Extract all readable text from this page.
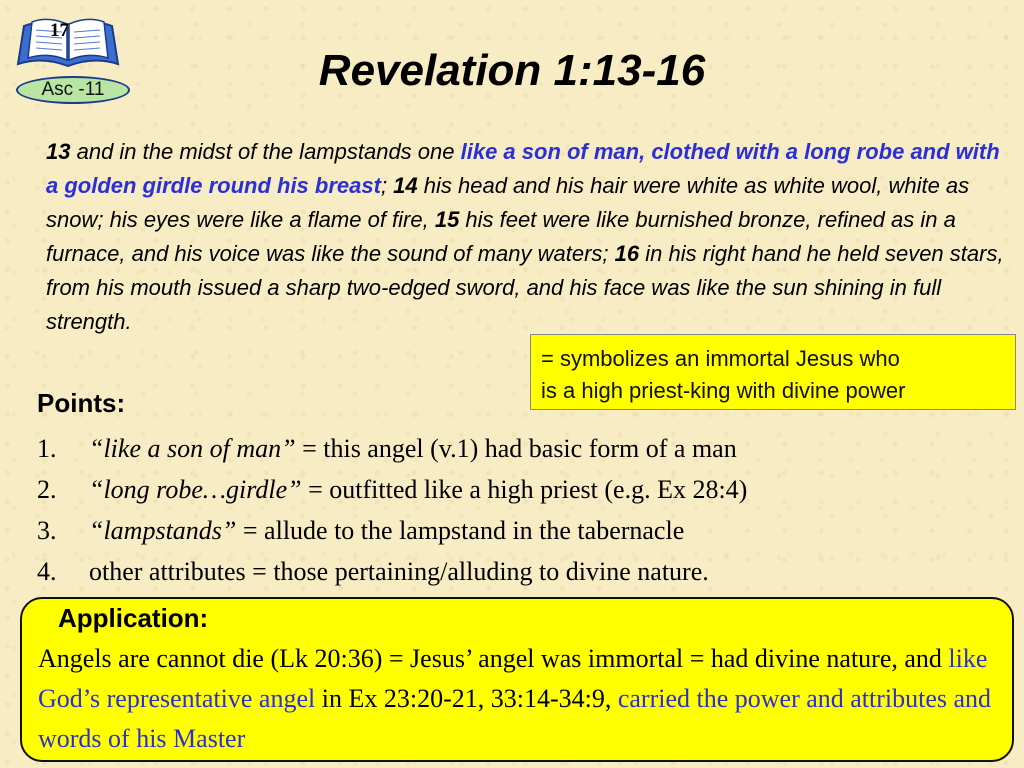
17
Asc -11	Revelation 1:13-16
13 and in the midst of the lampstands one like a son of man, clothed with a long robe and with a golden girdle round his breast; 14 his head and his hair were white as white wool, white as snow; his eyes were like a flame of fire, 15 his feet were like burnished bronze, refined as in a furnace, and his voice was like the sound of many waters; 16 in his right hand he held seven stars, from his mouth issued a sharp two-edged sword, and his face was like the sun shining in full strength.
= symbolizes an immortal Jesus who
is a high priest-king with divine power
Points:
1. “like a son of man” = this angel (v.1) had basic form of a man
2. “long robe…girdle” = outfitted like a high priest (e.g. Ex 28:4)
3. “lampstands” = allude to the lampstand in the tabernacle
4. other attributes = those pertaining/alluding to divine nature.
Application:
Angels are cannot die (Lk 20:36) = Jesus’ angel was immortal = had divine nature, and like God’s representative angel in Ex 23:20-21, 33:14-34:9, carried the power and attributes and words of his Master
